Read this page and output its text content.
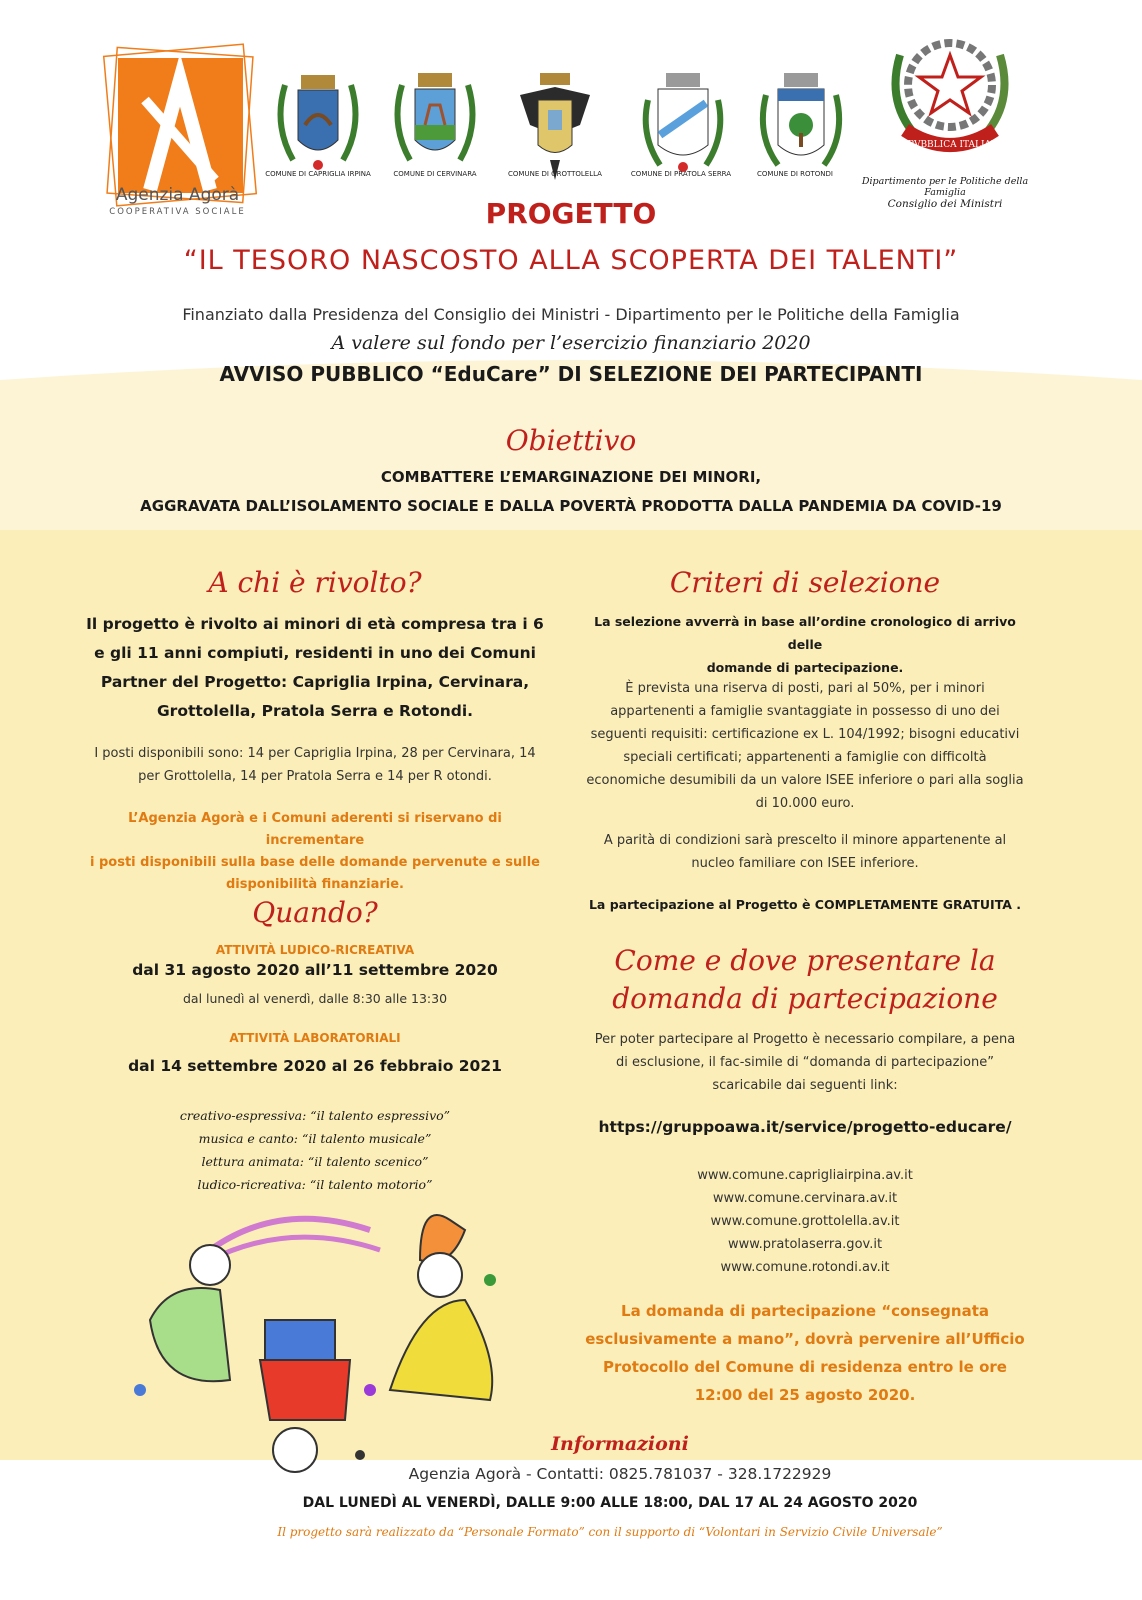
Agenzia Agorà
COOPERATIVA SOCIALE
COMUNE DI CAPRIGLIA IRPINA	COMUNE DI CERVINARA	COMUNE DI GROTTOLELLA	COMUNE DI PRATOLA SERRA	COMUNE DI ROTONDI
REPVBBLICA ITALIANA
Dipartimento per le Politiche della Famiglia
Consiglio dei Ministri
PROGETTO
“IL TESORO NASCOSTO ALLA SCOPERTA DEI TALENTI”
Finanziato dalla Presidenza del Consiglio dei Ministri - Dipartimento per le Politiche della Famiglia
A valere sul fondo per l’esercizio finanziario 2020
AVVISO PUBBLICO “EduCare” DI SELEZIONE DEI PARTECIPANTI
Obiettivo
COMBATTERE L’EMARGINAZIONE DEI MINORI,
AGGRAVATA DALL’ISOLAMENTO SOCIALE E DALLA POVERTÀ PRODOTTA DALLA PANDEMIA DA COVID-19
A chi è rivolto?
Il progetto è rivolto ai minori di età compresa tra i 6
e gli 11 anni compiuti, residenti in uno dei Comuni
Partner del Progetto: Capriglia Irpina, Cervinara,
Grottolella, Pratola Serra e Rotondi.
I posti disponibili sono: 14 per Capriglia Irpina, 28 per Cervinara, 14
per Grottolella, 14 per Pratola Serra e 14 per R otondi.
L’Agenzia Agorà e i Comuni aderenti si riservano di incrementare
i posti disponibili sulla base delle domande pervenute e sulle
disponibilità finanziarie.
Quando?
ATTIVITÀ LUDICO-RICREATIVA
dal 31 agosto 2020 all’11 settembre 2020
dal lunedì al venerdì, dalle 8:30 alle 13:30
ATTIVITÀ LABORATORIALI
dal 14 settembre 2020 al 26 febbraio 2021
creativo-espressiva: “il talento espressivo”
musica e canto: “il talento musicale”
lettura animata: “il talento scenico”
ludico-ricreativa: “il talento motorio”
Criteri di selezione
La selezione avverrà in base all’ordine cronologico di arrivo delle
domande di partecipazione.
È prevista una riserva di posti, pari al 50%, per i minori
appartenenti a famiglie svantaggiate in possesso di uno dei
seguenti requisiti: certificazione ex L. 104/1992; bisogni educativi
speciali certificati; appartenenti a famiglie con difficoltà
economiche desumibili da un valore ISEE inferiore o pari alla soglia
di 10.000 euro.
A parità di condizioni sarà prescelto il minore appartenente al
nucleo familiare con ISEE inferiore.
La partecipazione al Progetto è COMPLETAMENTE GRATUITA .
Come e dove presentare la
domanda di partecipazione
Per poter partecipare al Progetto è necessario compilare, a pena
di esclusione, il fac-simile di “domanda di partecipazione”
scaricabile dai seguenti link:
https://gruppoawa.it/service/progetto-educare/
www.comune.caprigliairpina.av.it
www.comune.cervinara.av.it
www.comune.grottolella.av.it
www.pratolaserra.gov.it
www.comune.rotondi.av.it
La domanda di partecipazione “consegnata
esclusivamente a mano”, dovrà pervenire all’Ufficio
Protocollo del Comune di residenza entro le ore
12:00 del 25 agosto 2020.
Informazioni
Agenzia Agorà - Contatti: 0825.781037 - 328.1722929
DAL LUNEDÌ AL VENERDÌ, DALLE 9:00 ALLE 18:00, DAL 17 AL 24 AGOSTO 2020
Il progetto sarà realizzato da “Personale Formato” con il supporto di “Volontari in Servizio Civile Universale”
